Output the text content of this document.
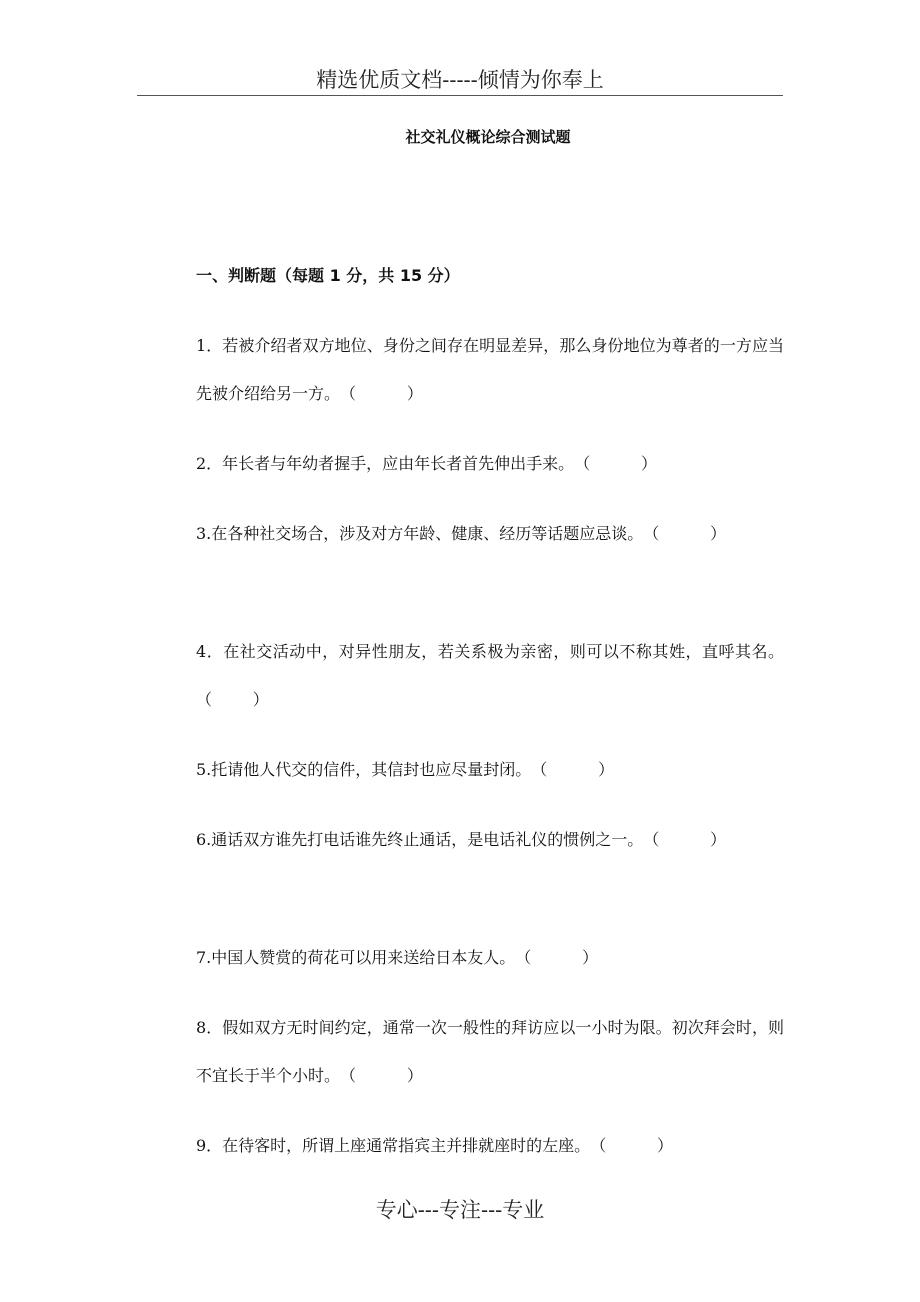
精选优质文档-----倾情为你奉上
社交礼仪概论综合测试题
一、判断题（每题 1 分，共 15 分）
1．若被介绍者双方地位、身份之间存在明显差异，那么身份地位为尊者的一方应当先被介绍给另一方。（          ）
2．年长者与年幼者握手，应由年长者首先伸出手来。（          ）
3.在各种社交场合，涉及对方年龄、健康、经历等话题应忌谈。（          ）
4．在社交活动中，对异性朋友，若关系极为亲密，则可以不称其姓，直呼其名。（        ）
5.托请他人代交的信件，其信封也应尽量封闭。（          ）
6.通话双方谁先打电话谁先终止通话，是电话礼仪的惯例之一。（          ）
7.中国人赞赏的荷花可以用来送给日本友人。（          ）
8．假如双方无时间约定，通常一次一般性的拜访应以一小时为限。初次拜会时，则不宜长于半个小时。（          ）
9．在待客时，所谓上座通常指宾主并排就座时的左座。（          ）
专心---专注---专业
